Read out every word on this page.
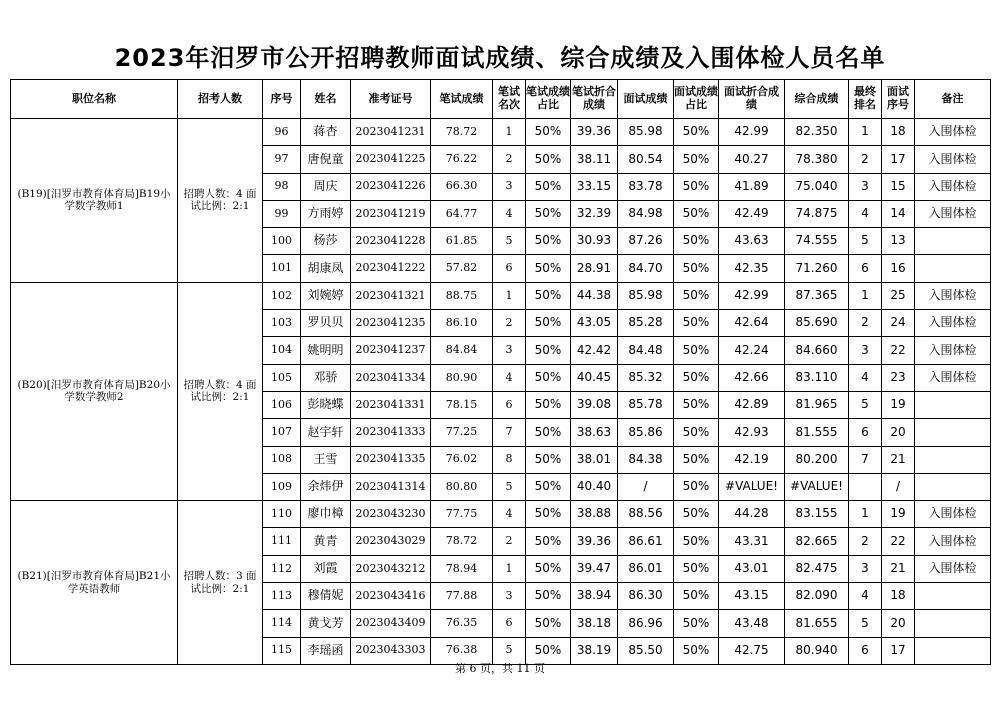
2023年汨罗市公开招聘教师面试成绩、综合成绩及入围体检人员名单
职位名称	招考人数	序号	姓名	准考证号	笔试成绩	笔试名次	笔试成绩占比	笔试折合成绩	面试成绩	面试成绩占比	面试折合成绩	综合成绩	最终排名	面试序号	备注
(B19)[汨罗市教育体育局]B19小学数学教师1	招聘人数：4 面试比例：2:1	96	蒋杏	2023041231	78.72	1	50%	39.36	85.98	50%	42.99	82.350	1	18	入围体检
		97	唐倪童	2023041225	76.22	2	50%	38.11	80.54	50%	40.27	78.380	2	17	入围体检
		98	周庆	2023041226	66.30	3	50%	33.15	83.78	50%	41.89	75.040	3	15	入围体检
		99	方雨婷	2023041219	64.77	4	50%	32.39	84.98	50%	42.49	74.875	4	14	入围体检
		100	杨莎	2023041228	61.85	5	50%	30.93	87.26	50%	43.63	74.555	5	13	
		101	胡康凤	2023041222	57.82	6	50%	28.91	84.70	50%	42.35	71.260	6	16	
(B20)[汨罗市教育体育局]B20小学数学教师2	招聘人数：4 面试比例：2:1	102	刘婉婷	2023041321	88.75	1	50%	44.38	85.98	50%	42.99	87.365	1	25	入围体检
		103	罗贝贝	2023041235	86.10	2	50%	43.05	85.28	50%	42.64	85.690	2	24	入围体检
		104	姚明明	2023041237	84.84	3	50%	42.42	84.48	50%	42.24	84.660	3	22	入围体检
		105	邓骄	2023041334	80.90	4	50%	40.45	85.32	50%	42.66	83.110	4	23	入围体检
		106	彭晓蝶	2023041331	78.15	6	50%	39.08	85.78	50%	42.89	81.965	5	19	
		107	赵宇轩	2023041333	77.25	7	50%	38.63	85.86	50%	42.93	81.555	6	20	
		108	王雪	2023041335	76.02	8	50%	38.01	84.38	50%	42.19	80.200	7	21	
		109	余炜伊	2023041314	80.80	5	50%	40.40	/	50%	#VALUE!	#VALUE!		/	
(B21)[汨罗市教育体育局]B21小学英语教师	招聘人数：3 面试比例：2:1	110	廖巾樟	2023043230	77.75	4	50%	38.88	88.56	50%	44.28	83.155	1	19	入围体检
		111	黄青	2023043029	78.72	2	50%	39.36	86.61	50%	43.31	82.665	2	22	入围体检
		112	刘霞	2023043212	78.94	1	50%	39.47	86.01	50%	43.01	82.475	3	21	入围体检
		113	穆倩妮	2023043416	77.88	3	50%	38.94	86.30	50%	43.15	82.090	4	18	
		114	黄戈芳	2023043409	76.35	6	50%	38.18	86.96	50%	43.48	81.655	5	20	
		115	李瑶函	2023043303	76.38	5	50%	38.19	85.50	50%	42.75	80.940	6	17	
第 6 页，共 11 页
